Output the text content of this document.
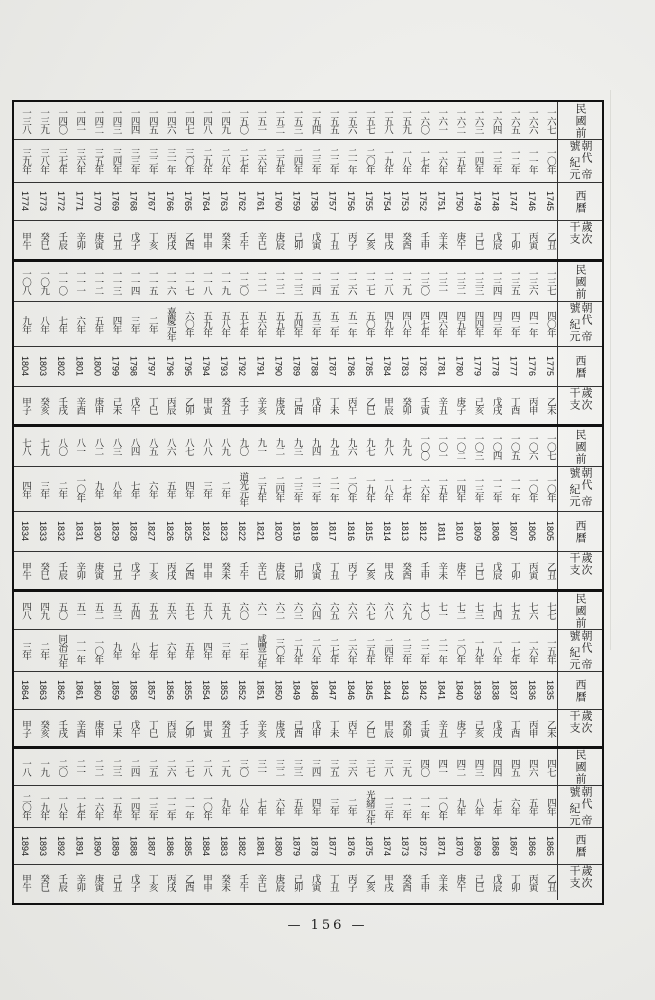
一三八 一三九 一四〇 一四一 一四二 一四三 一四四 一四五 一四六 一四七 一四八 一四九 一五〇 一五一 一五二 一五三 一五四 一五五 一五六 一五七 一五八 一五九 一六〇 一六一 一六二 一六三 一六四 一六五 一六六 一六七	民國前
三九年 三八年 三七年 三六年 三五年 三四年 三三年 三二年 三一年 三〇年 二九年 二八年 二七年 二六年 二五年 二四年 二三年 二二年 二一年 二〇年 一九年 一八年 一七年 一六年 一五年 一四年 一三年 一二年 一一年 一〇年	朝代 帝號 紀元
1774 1773 1772 1771 1770 1769 1768 1767 1766 1765 1764 1763 1762 1761 1760 1759 1758 1757 1756 1755 1754 1753 1752 1751 1750 1749 1748 1747 1746 1745	西曆
甲午 癸巳 壬辰 辛卯 庚寅 己丑 戊子 丁亥 丙戌 乙酉 甲申 癸未 壬午 辛巳 庚辰 己卯 戊寅 丁丑 丙子 乙亥 甲戌 癸酉 壬申 辛未 庚午 己巳 戊辰 丁卯 丙寅 乙丑	歲次 干支
一〇八 一〇九 一一〇 一一一 一一二 一一三 一一四 一一五 一一六 一一七 一一八 一一九 一二〇 一二一 一二二 一二三 一二四 一二五 一二六 一二七 一二八 一二九 一三〇 一三一 一三二 一三三 一三四 一三五 一三六 一三七	民國前
九年 八年 七年 六年 五年 四年 三年 二年 嘉慶元年 六〇年 五九年 五八年 五七年 五六年 五五年 五四年 五三年 五二年 五一年 五〇年 四九年 四八年 四七年 四六年 四五年 四四年 四三年 四二年 四一年 四〇年	朝代 帝號 紀元
1804 1803 1802 1801 1800 1799 1798 1797 1796 1795 1794 1793 1792 1791 1790 1789 1788 1787 1786 1785 1784 1783 1782 1781 1780 1779 1778 1777 1776 1775	西曆
甲子 癸亥 壬戌 辛酉 庚申 己未 戊午 丁巳 丙辰 乙卯 甲寅 癸丑 壬子 辛亥 庚戌 己酉 戊申 丁未 丙午 乙巳 甲辰 癸卯 壬寅 辛丑 庚子 己亥 戊戌 丁酉 丙申 乙未	歲次 干支
七八 七九 八〇 八一 八二 八三 八四 八五 八六 八七 八八 八九 九〇 九一 九二 九三 九四 九五 九六 九七 九八 九九 一〇〇 一〇一 一〇二 一〇三 一〇四 一〇五 一〇六 一〇七	民國前
四年 三年 二年 一〇年 九年 八年 七年 六年 五年 四年 三年 二年 道光元年 二五年 二四年 二三年 二二年 二一年 二〇年 一九年 一八年 一七年 一六年 一五年 一四年 一三年 一二年 一一年 一〇年 一〇年	朝代 帝號 紀元
1834 1833 1832 1831 1830 1829 1828 1827 1826 1825 1824 1823 1822 1821 1820 1819 1818 1817 1816 1815 1814 1813 1812 1811 1810 1809 1808 1807 1806 1805	西曆
甲午 癸巳 壬辰 辛卯 庚寅 己丑 戊子 丁亥 丙戌 乙酉 甲申 癸未 壬午 辛巳 庚辰 己卯 戊寅 丁丑 丙子 乙亥 甲戌 癸酉 壬申 辛未 庚午 己巳 戊辰 丁卯 丙寅 乙丑	歲次 干支
四八 四九 五〇 五一 五二 五三 五四 五五 五六 五七 五八 五九 六〇 六一 六二 六三 六四 六五 六六 六七 六八 六九 七〇 七一 七二 七三 七四 七五 七六 七七	民國前
三年 二年 同治元年 一一年 一〇年 九年 八年 七年 六年 五年 四年 三年 二年 咸豐元年 三〇年 二九年 二八年 二七年 二六年 二五年 二四年 二三年 二二年 二一年 二〇年 一九年 一八年 一七年 一六年 一五年	朝代 帝號 紀元
1864 1863 1862 1861 1860 1859 1858 1857 1856 1855 1854 1853 1852 1851 1850 1849 1848 1847 1846 1845 1844 1843 1842 1841 1840 1839 1838 1837 1836 1835	西曆
甲子 癸亥 壬戌 辛酉 庚申 己未 戊午 丁巳 丙辰 乙卯 甲寅 癸丑 壬子 辛亥 庚戌 己酉 戊申 丁未 丙午 乙巳 甲辰 癸卯 壬寅 辛丑 庚子 己亥 戊戌 丁酉 丙申 乙未	歲次 干支
一八 一九 二〇 二一 二二 二三 二四 二五 二六 二七 二八 二九 三〇 三一 三二 三三 三四 三五 三六 三七 三八 三九 四〇 四一 四二 四三 四四 四五 四六 四七	民國前
二〇年 一九年 一八年 一七年 一六年 一五年 一四年 一三年 一二年 一一年 一〇年 九年 八年 七年 六年 五年 四年 三年 二年 光緒元年 一三年 一二年 一一年 一〇年 九年 八年 七年 六年 五年 四年	朝代 帝號 紀元
1894 1893 1892 1891 1890 1889 1888 1887 1886 1885 1884 1883 1882 1881 1880 1879 1878 1877 1876 1875 1874 1873 1872 1871 1870 1869 1868 1867 1866 1865	西曆
甲午 癸巳 壬辰 辛卯 庚寅 己丑 戊子 丁亥 丙戌 乙酉 甲申 癸未 壬午 辛巳 庚辰 己卯 戊寅 丁丑 丙子 乙亥 甲戌 癸酉 壬申 辛未 庚午 己巳 戊辰 丁卯 丙寅 乙丑	歲次 干支
— 156 —
